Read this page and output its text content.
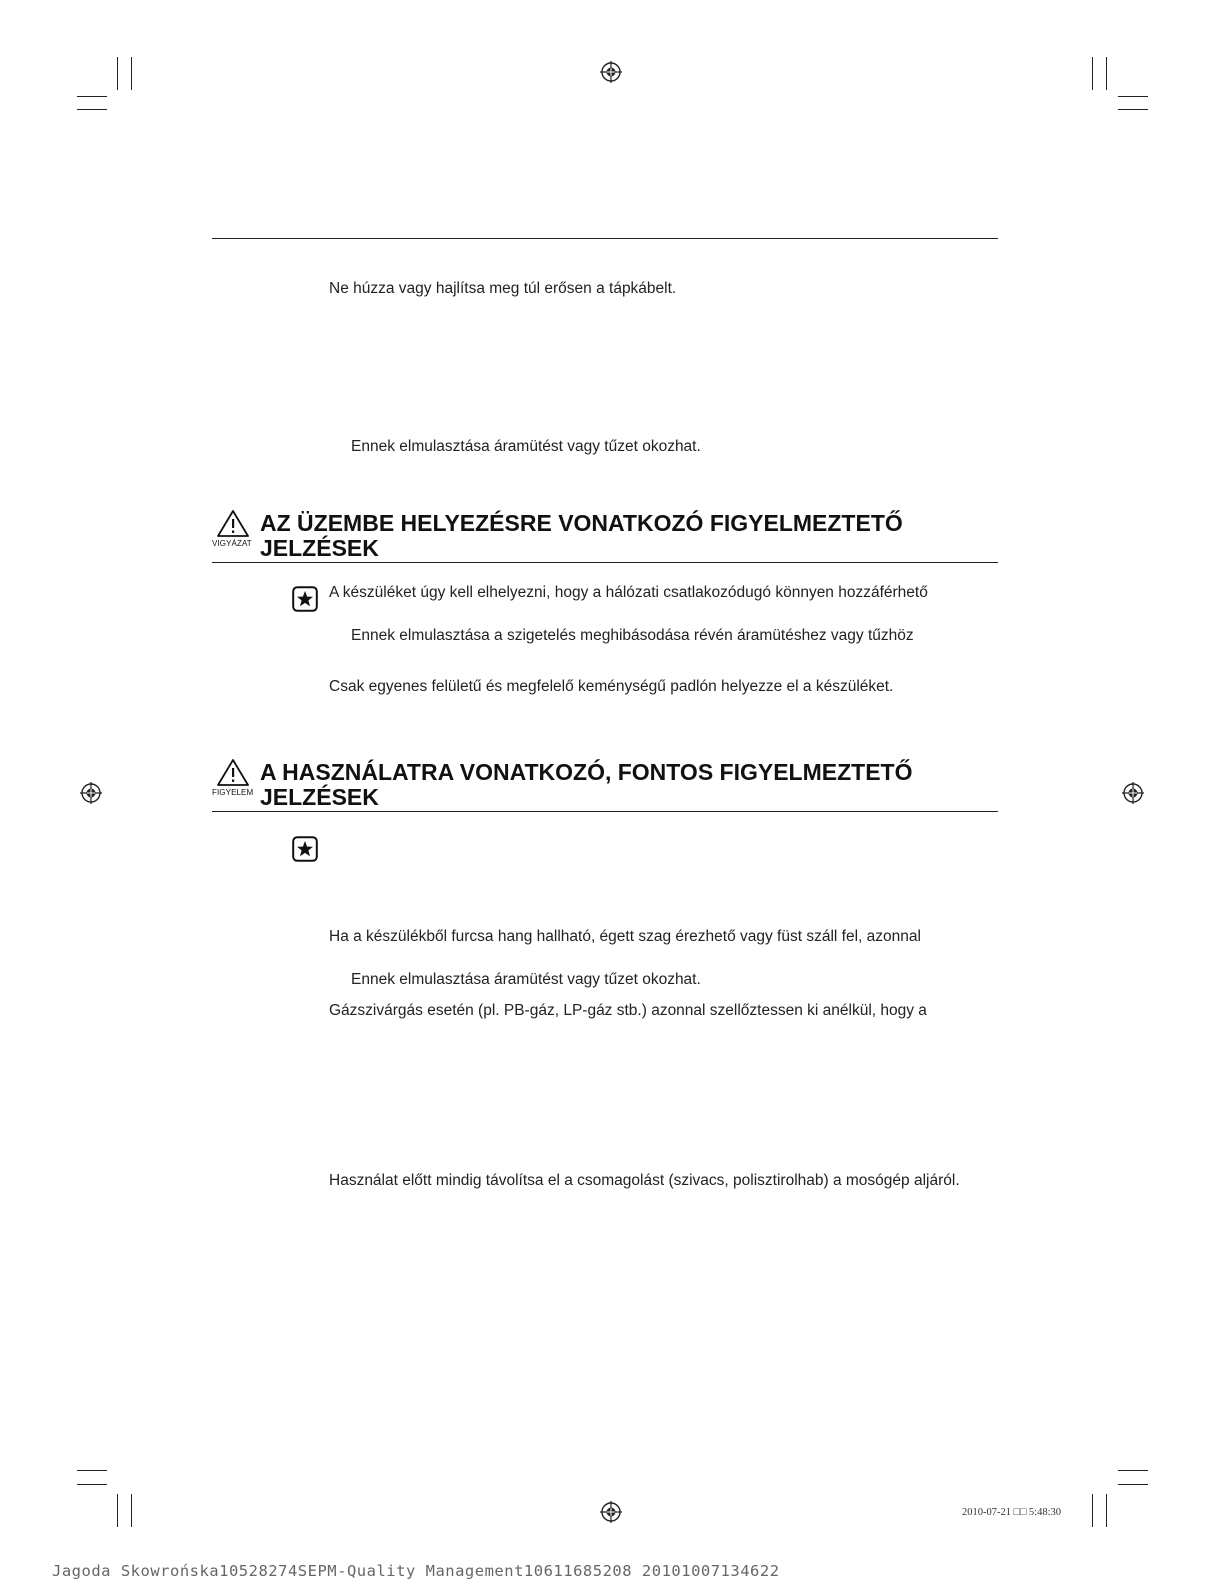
Ne húzza vagy hajlítsa meg túl erősen a tápkábelt.
Ennek elmulasztása áramütést vagy tűzet okozhat.
VIGYÁZAT
AZ ÜZEMBE HELYEZÉSRE VONATKOZÓ FIGYELMEZTETŐ
JELZÉSEK
A készüléket úgy kell elhelyezni, hogy a hálózati csatlakozódugó könnyen hozzáférhető
Ennek elmulasztása a szigetelés meghibásodása révén áramütéshez vagy tűzhöz
Csak egyenes felületű és megfelelő keménységű padlón helyezze el a készüléket.
FIGYELEM
A HASZNÁLATRA VONATKOZÓ, FONTOS FIGYELMEZTETŐ
JELZÉSEK
Ha a készülékből furcsa hang hallható, égett szag érezhető vagy füst száll fel, azonnal
Ennek elmulasztása áramütést vagy tűzet okozhat.
Gázszivárgás esetén (pl. PB-gáz, LP-gáz stb.) azonnal szellőztessen ki anélkül, hogy a
Használat előtt mindig távolítsa el a csomagolást (szivacs, polisztirolhab) a mosógép aljáról.
2010-07-21 □□ 5:48:30
Jagoda Skowrońska10528274SEPM-Quality Management10611685208 20101007134622
